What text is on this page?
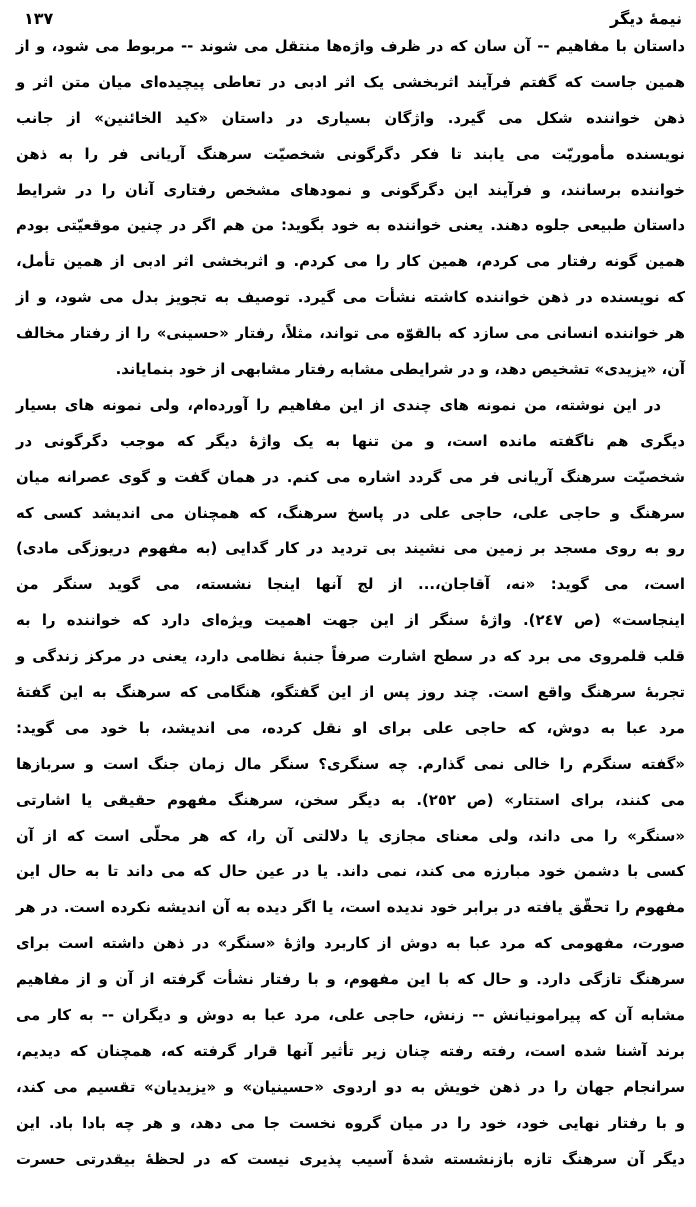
نیمهٔ دیگر
١٣٧
داستان با مفاهیم -- آن سان که در ظرف واژه‌ها منتقل می شوند -- مربوط می شود، و از
همین جاست که گفتم فرآیند اثربخشی یک اثر ادبی در تعاطی پیچیده‌ای میان متن اثر و
ذهن خواننده شکل می گیرد. واژگان بسیاری در داستان «کید الخائنین» از جانب
نویسنده مأموریّت می یابند تا فکر دگرگونی شخصیّت سرهنگ آریانی فر را به ذهن
خواننده برسانند، و فرآیند این دگرگونی و نمودهای مشخص رفتاری آنان را در شرایط
داستان طبیعی جلوه دهند. یعنی خواننده به خود بگوید: من هم اگر در چنین موقعیّتی بودم
همین گونه رفتار می کردم، همین کار را می کردم. و اثربخشی اثر ادبی از همین تأمل،
که نویسنده در ذهن خواننده کاشته نشأت می گیرد. توصیف به تجویز بدل می شود، و از
هر خواننده انسانی می سازد که بالقوّه می تواند، مثلاً، رفتار «حسینی» را از رفتار مخالف
آن، «یزیدی» تشخیص دهد، و در شرایطی مشابه رفتار مشابهی از خود بنمایاند.
در این نوشته، من نمونه های چندی از این مفاهیم را آورده‌ام، ولی نمونه های بسیار
دیگری هم ناگفته مانده است، و من تنها به یک واژهٔ دیگر که موجب دگرگونی در
شخصیّت سرهنگ آریانی فر می گردد اشاره می کنم. در همان گفت و گوی عصرانه میان
سرهنگ و حاجی علی، حاجی علی در پاسخ سرهنگ، که همچنان می اندیشد کسی که
رو به روی مسجد بر زمین می نشیند بی تردید در کار گدایی (به مفهوم دریوزگی مادی)
است، می گوید: «نه، آقاجان،... از لج آنها اینجا نشسته، می گوید سنگر من
اینجاست» (ص ٢٤٧). واژهٔ سنگر از این جهت اهمیت ویژه‌ای دارد که خواننده را به
قلب قلمروی می برد که در سطح اشارت صرفاً جنبهٔ نظامی دارد، یعنی در مرکز زندگی و
تجربهٔ سرهنگ واقع است. چند روز پس از این گفتگو، هنگامی که سرهنگ به این گفتهٔ
مرد عبا به دوش، که حاجی علی برای او نقل کرده، می اندیشد، با خود می گوید:
«گفته سنگرم را خالی نمی گذارم. چه سنگری؟ سنگر مال زمان جنگ است و سربازها
می کنند، برای استتار» (ص ٢٥٢). به دیگر سخن، سرهنگ مفهوم حقیقی یا اشارتی
«سنگر» را می داند، ولی معنای مجازی یا دلالتی آن را، که هر محلّی است که از آن
کسی با دشمن خود مبارزه می کند، نمی داند. یا در عین حال که می داند تا به حال این
مفهوم را تحقّق یافته در برابر خود ندیده است، یا اگر دیده به آن اندیشه نکرده است. در هر
صورت، مفهومی که مرد عبا به دوش از کاربرد واژهٔ «سنگر» در ذهن داشته است برای
سرهنگ تازگی دارد. و حال که با این مفهوم، و با رفتار نشأت گرفته از آن و از مفاهیم
مشابه آن که پیرامونیانش -- زنش، حاجی علی، مرد عبا به دوش و دیگران -- به کار می
برند آشنا شده است، رفته رفته چنان زیر تأثیر آنها قرار گرفته که، همچنان که دیدیم،
سرانجام جهان را در ذهن خویش به دو اردوی «حسینیان» و «یزیدیان» تقسیم می کند،
و با رفتار نهایی خود، خود را در میان گروه نخست جا می دهد، و هر چه بادا باد. این
دیگر آن سرهنگ تازه بازنشسته شدهٔ آسیب پذیری نیست که در لحظهٔ بیقدرتی حسرت
